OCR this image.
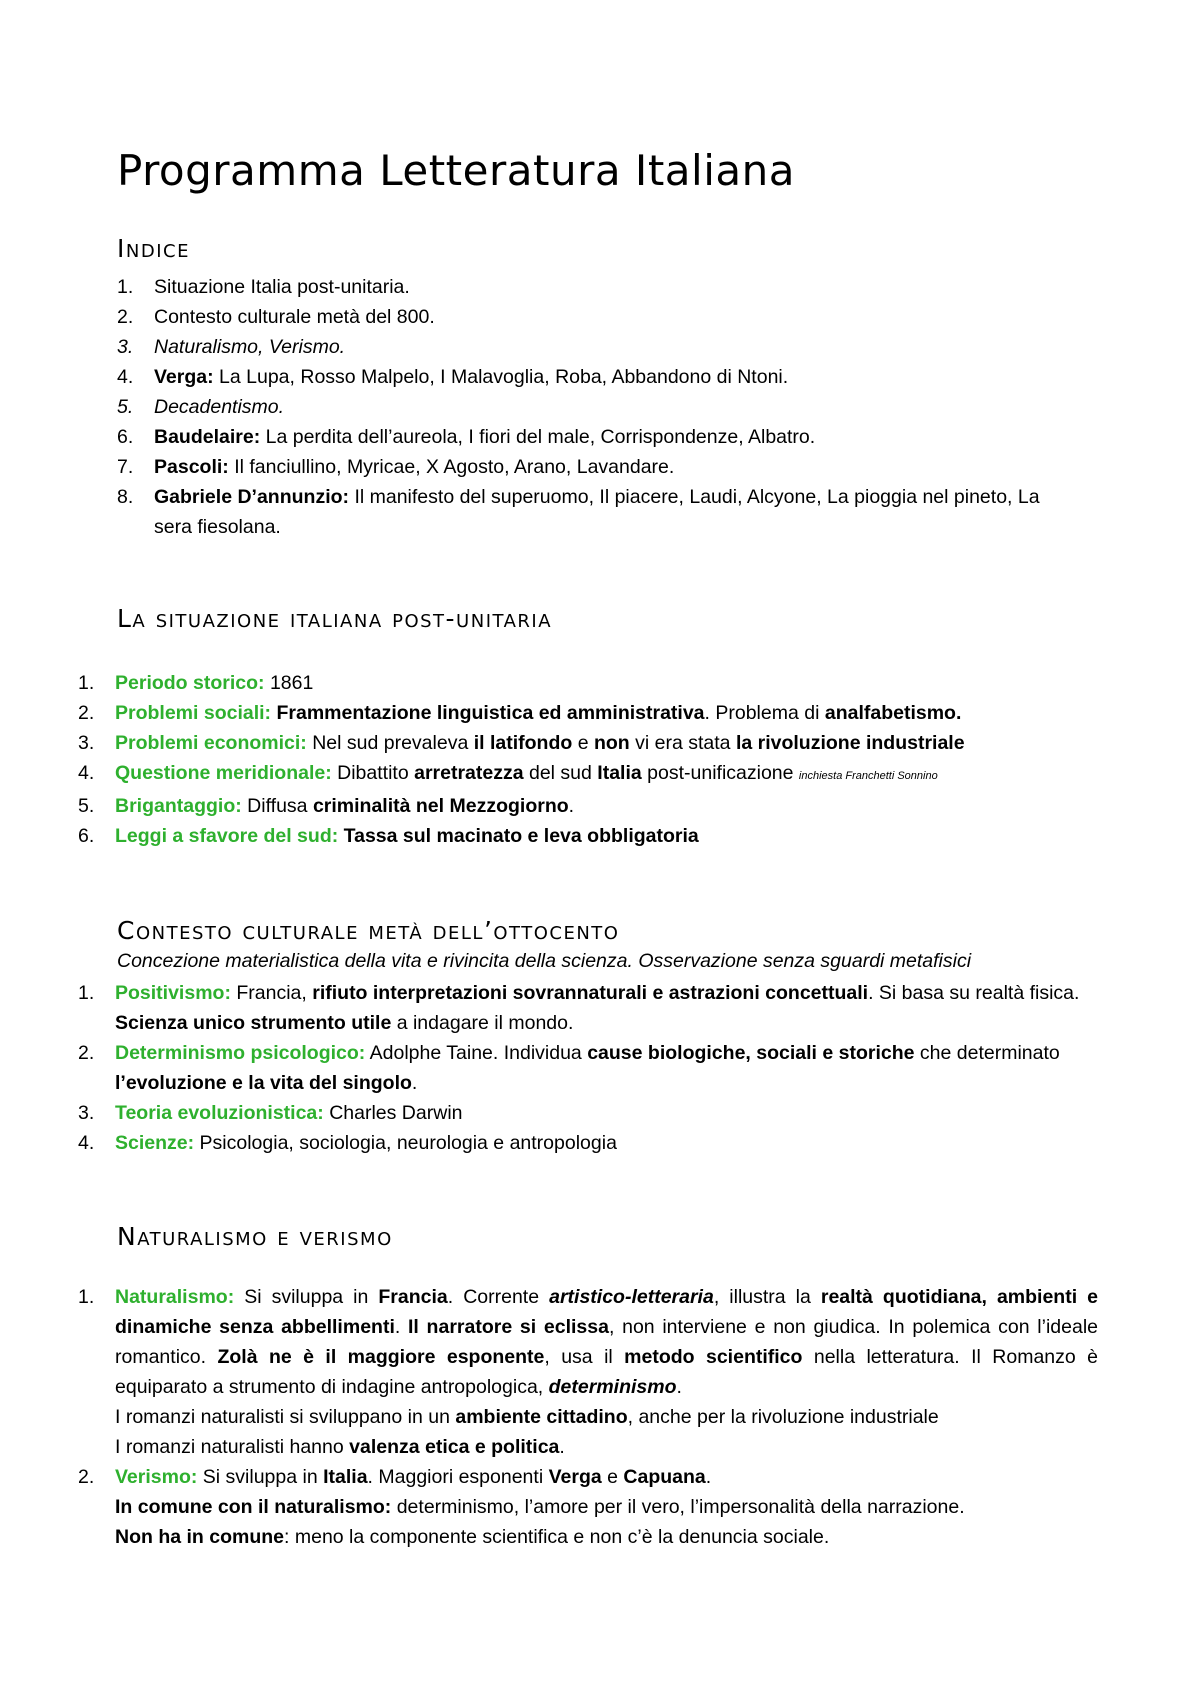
Programma Letteratura Italiana
Indice
1. Situazione Italia post-unitaria.
2. Contesto culturale metà del 800.
3. Naturalismo, Verismo.
4. Verga: La Lupa, Rosso Malpelo, I Malavoglia, Roba, Abbandono di Ntoni.
5. Decadentismo.
6. Baudelaire: La perdita dell’aureola, I fiori del male, Corrispondenze, Albatro.
7. Pascoli: Il fanciullino, Myricae, X Agosto, Arano, Lavandare.
8. Gabriele D’annunzio: Il manifesto del superuomo, Il piacere, Laudi, Alcyone, La pioggia nel pineto, La sera fiesolana.
La situazione italiana post-unitaria
1. Periodo storico: 1861
2. Problemi sociali: Frammentazione linguistica ed amministrativa. Problema di analfabetismo.
3. Problemi economici: Nel sud prevaleva il latifondo e non vi era stata la rivoluzione industriale
4. Questione meridionale: Dibattito arretratezza del sud Italia post-unificazione inchiesta Franchetti Sonnino
5. Brigantaggio: Diffusa criminalità nel Mezzogiorno.
6. Leggi a sfavore del sud: Tassa sul macinato e leva obbligatoria
Contesto culturale metà dell’ottocento

Concezione materialistica della vita e rivincita della scienza. Osservazione senza sguardi metafisici

1. Positivismo: Francia, rifiuto interpretazioni sovrannaturali e astrazioni concettuali. Si basa su realtà fisica. Scienza unico strumento utile a indagare il mondo.
2. Determinismo psicologico: Adolphe Taine. Individua cause biologiche, sociali e storiche che determinato l’evoluzione e la vita del singolo.
3. Teoria evoluzionistica: Charles Darwin
4. Scienze: Psicologia, sociologia, neurologia e antropologia
Naturalismo e verismo
1. Naturalismo: Si sviluppa in Francia. Corrente artistico-letteraria, illustra la realtà quotidiana, ambienti e dinamiche senza abbellimenti. Il narratore si eclissa, non interviene e non giudica. In polemica con l’ideale romantico. Zolà ne è il maggiore esponente, usa il metodo scientifico nella letteratura. Il Romanzo è equiparato a strumento di indagine antropologica, determinismo.
I romanzi naturalisti si sviluppano in un ambiente cittadino, anche per la rivoluzione industriale
I romanzi naturalisti hanno valenza etica e politica.
2. Verismo: Si sviluppa in Italia. Maggiori esponenti Verga e Capuana.
In comune con il naturalismo: determinismo, l’amore per il vero, l’impersonalità della narrazione.
Non ha in comune: meno la componente scientifica e non c’è la denuncia sociale.
